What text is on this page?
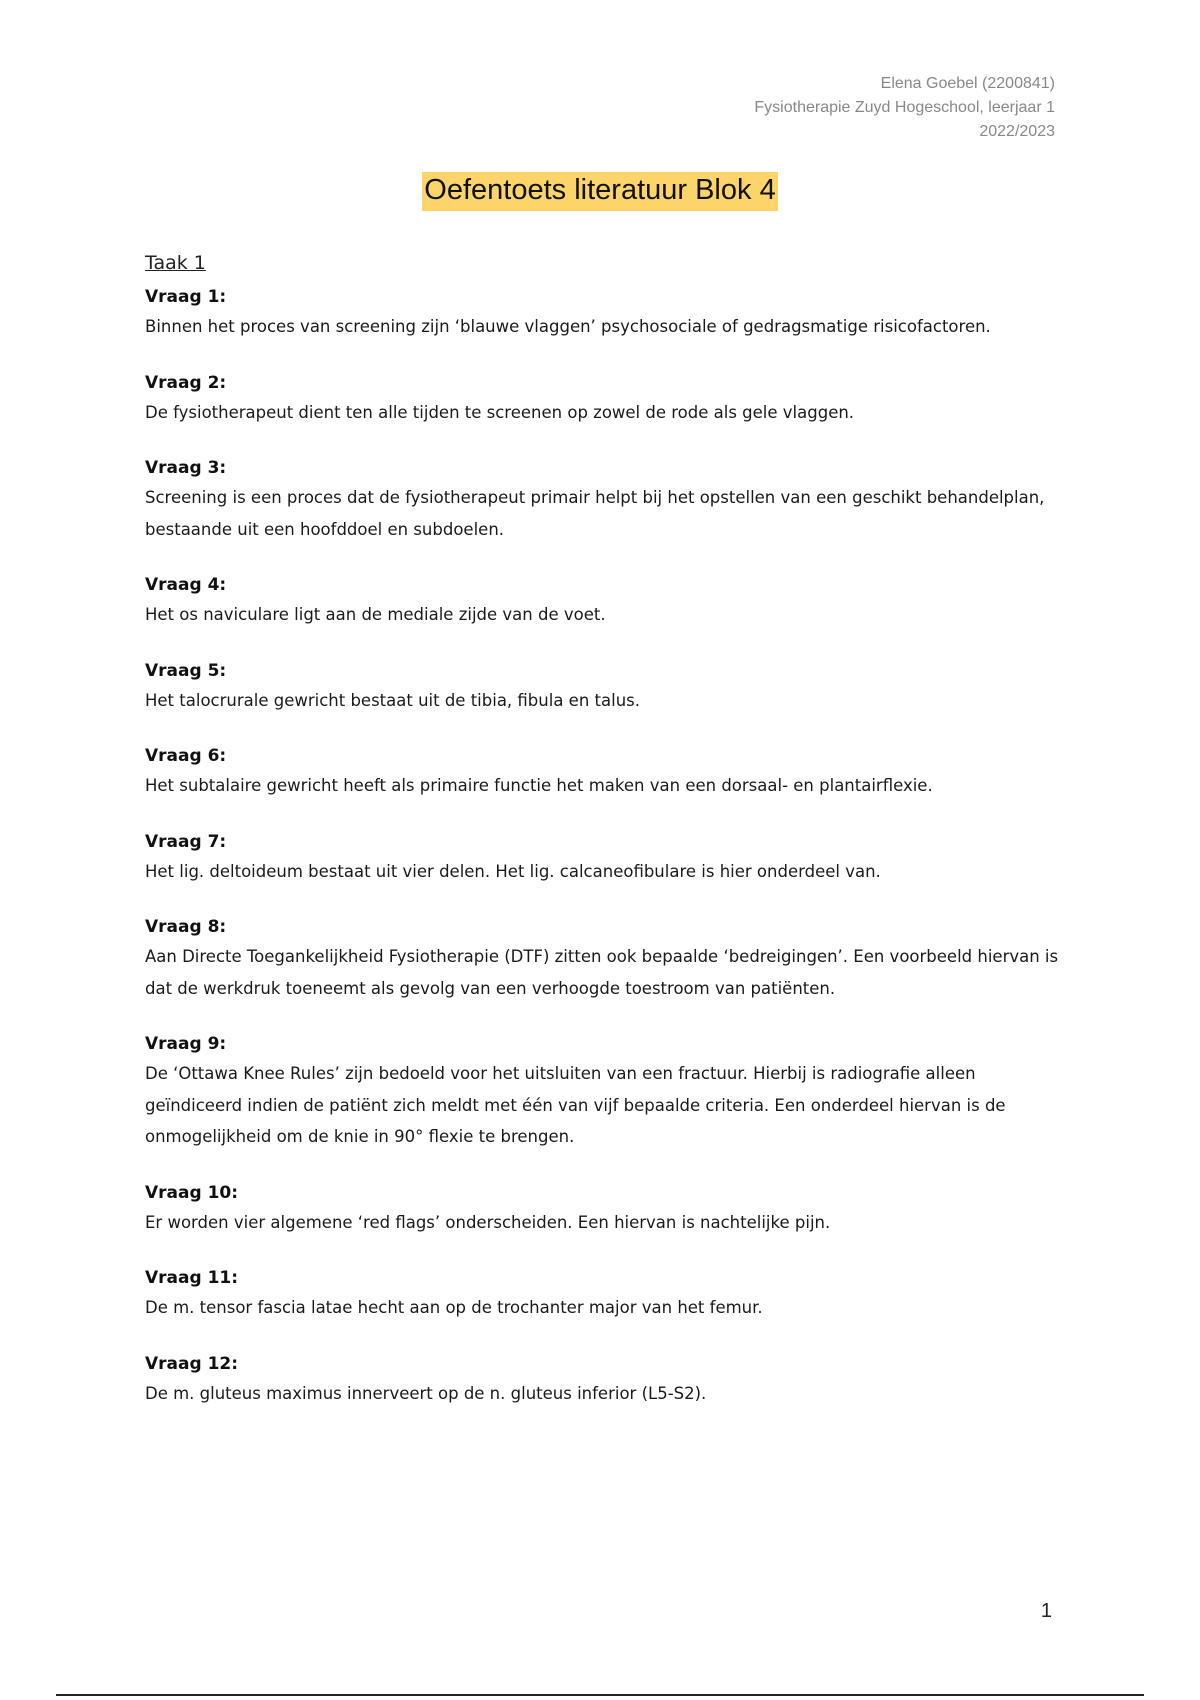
Elena Goebel (2200841)
Fysiotherapie Zuyd Hogeschool, leerjaar 1
2022/2023
Oefentoets literatuur Blok 4
Taak 1
Vraag 1:
Binnen het proces van screening zijn ‘blauwe vlaggen’ psychosociale of gedragsmatige risicofactoren.
Vraag 2:
De fysiotherapeut dient ten alle tijden te screenen op zowel de rode als gele vlaggen.
Vraag 3:
Screening is een proces dat de fysiotherapeut primair helpt bij het opstellen van een geschikt behandelplan, bestaande uit een hoofddoel en subdoelen.
Vraag 4:
Het os naviculare ligt aan de mediale zijde van de voet.
Vraag 5:
Het talocrurale gewricht bestaat uit de tibia, fibula en talus.
Vraag 6:
Het subtalaire gewricht heeft als primaire functie het maken van een dorsaal- en plantairflexie.
Vraag 7:
Het lig. deltoideum bestaat uit vier delen. Het lig. calcaneofibulare is hier onderdeel van.
Vraag 8:
Aan Directe Toegankelijkheid Fysiotherapie (DTF) zitten ook bepaalde ‘bedreigingen’. Een voorbeeld hiervan is dat de werkdruk toeneemt als gevolg van een verhoogde toestroom van patiënten.
Vraag 9:
De ‘Ottawa Knee Rules’ zijn bedoeld voor het uitsluiten van een fractuur. Hierbij is radiografie alleen geïndiceerd indien de patiënt zich meldt met één van vijf bepaalde criteria. Een onderdeel hiervan is de onmogelijkheid om de knie in 90° flexie te brengen.
Vraag 10:
Er worden vier algemene ‘red flags’ onderscheiden. Een hiervan is nachtelijke pijn.
Vraag 11:
De m. tensor fascia latae hecht aan op de trochanter major van het femur.
Vraag 12:
De m. gluteus maximus innerveert op de n. gluteus inferior (L5-S2).
1
